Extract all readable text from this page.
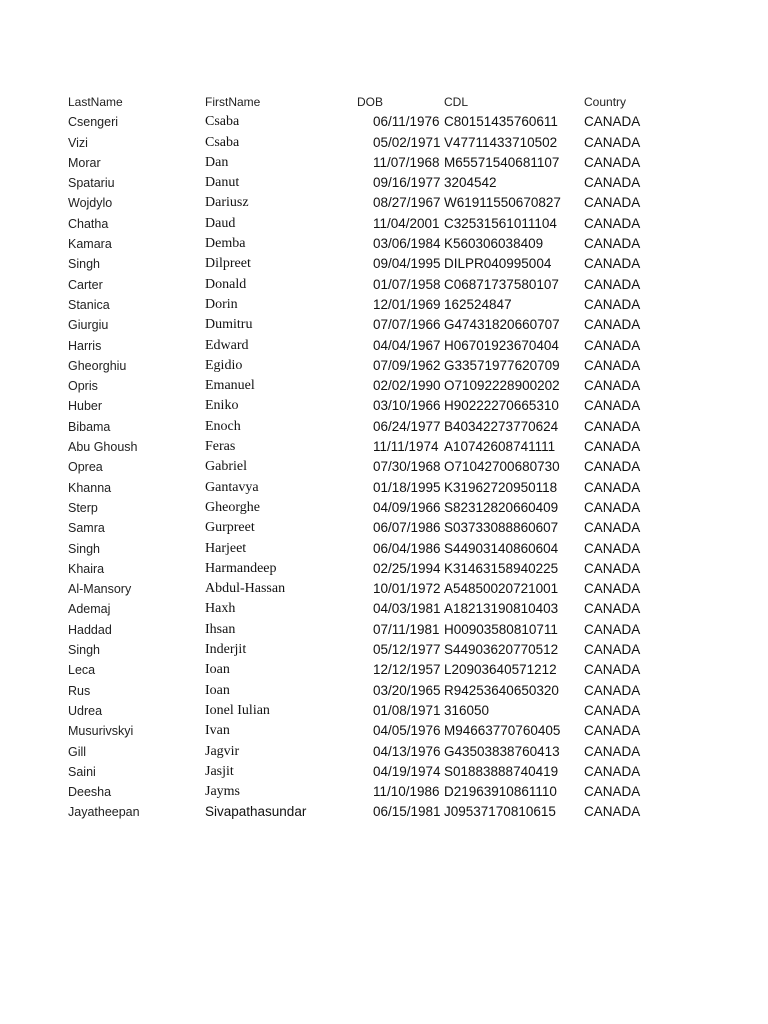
LastName	FirstName	DOB	CDL	Country
Csengeri	Csaba	06/11/1976 C80151435760611 CANADA
Vizi	Csaba	05/02/1971 V47711433710502 CANADA
Morar	Dan	11/07/1968 M65571540681107 CANADA
Spatariu	Danut	09/16/1977 3204542	CANADA
Wojdylo	Dariusz	08/27/1967 W61911550670827 CANADA
Chatha	Daud	11/04/2001 C32531561011104 CANADA
Kamara	Demba	03/06/1984 K560306038409	CANADA
Singh	Dilpreet	09/04/1995 DILPR040995004 CANADA
Carter	Donald	01/07/1958 C06871737580107 CANADA
Stanica	Dorin	12/01/1969 162524847	CANADA
Giurgiu	Dumitru	07/07/1966 G47431820660707 CANADA
Harris	Edward	04/04/1967 H06701923670404 CANADA
Gheorghiu	Egidio	07/09/1962 G33571977620709 CANADA
Opris	Emanuel	02/02/1990 O71092228900202 CANADA
Huber	Eniko	03/10/1966 H90222270665310 CANADA
Bibama	Enoch	06/24/1977 B40342273770624 CANADA
Abu Ghoush	Feras	11/11/1974 A10742608741111 CANADA
Oprea	Gabriel	07/30/1968 O71042700680730 CANADA
Khanna	Gantavya	01/18/1995 K31962720950118 CANADA
Sterp	Gheorghe	04/09/1966 S82312820660409 CANADA
Samra	Gurpreet	06/07/1986 S03733088860607 CANADA
Singh	Harjeet	06/04/1986 S44903140860604 CANADA
Khaira	Harmandeep	02/25/1994 K31463158940225 CANADA
Al-Mansory	Abdul-Hassan	10/01/1972 A54850020721001 CANADA
Ademaj	Haxh	04/03/1981 A18213190810403 CANADA
Haddad	Ihsan	07/11/1981 H00903580810711 CANADA
Singh	Inderjit	05/12/1977 S44903620770512 CANADA
Leca	Ioan	12/12/1957 L20903640571212 CANADA
Rus	Ioan	03/20/1965 R94253640650320 CANADA
Udrea	Ionel Iulian	01/08/1971 316050	CANADA
Musurivskyi	Ivan	04/05/1976 M94663770760405 CANADA
Gill	Jagvir	04/13/1976 G43503838760413 CANADA
Saini	Jasjit	04/19/1974 S01883888740419 CANADA
Deesha	Jayms	11/10/1986 D21963910861110 CANADA
Jayatheepan	Sivapathasundar	06/15/1981 J09537170810615 CANADA
